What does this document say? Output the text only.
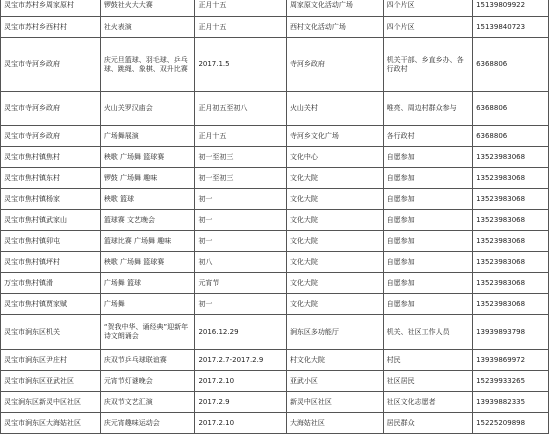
灵宝市苏村乡周家原村	锣鼓社火大大赛	正月十五	周家原文化活动广场	四个片区	15139809922
灵宝市苏村乡西村村	社火表演	正月十五	西村文化活动广场	四个片区	15139840723
灵宝市寺河乡政府	庆元旦篮球、羽毛球、乒乓球、跳绳、象棋、双升比赛	2017.1.5	寺河乡政府	机关干部、乡直乡办、各行政村	6368806
灵宝市寺河乡政府	火山关罗汉庙会	正月初五至初八	火山关村	唯亮、周边村群众参与	6368806
灵宝市寺河乡政府	广场舞展演	正月十五	寺河乡文化广场	各行政村	6368806
灵宝市焦村镇焦村	秧歌 广场舞 篮球赛	初一至初三	文化中心	自愿参加	13523983068
灵宝市焦村镇东村	锣鼓 广场舞 趣味	初一至初三	文化大院	自愿参加	13523983068
灵宝市焦村镇杨家	秧歌 篮球	初一	文化大院	自愿参加	13523983068
灵宝市焦村镇武家山	篮球赛 文艺晚会	初一	文化大院	自愿参加	13523983068
灵宝市焦村镇卯屯	篮球比赛 广场舞 趣味	初一	文化大院	自愿参加	13523983068
灵宝市焦村镇坪村	秧歌 广场舞 篮球赛	初八	文化大院	自愿参加	13523983068
万宝市焦村镇滑	广场舞 篮球	元宵节	文化大院	自愿参加	13523983068
灵宝市焦村镇贾家赋	广场舞	初一	文化大院	自愿参加	13523983068
灵宝市涧东区机关	“贺我中华、诵经典”迎新年诗文朗诵会	2016.12.29	涧东区多功能厅	机关、社区工作人员	13939893798
灵宝市涧东区尹庄村	庆双节乒乓球联谊赛	2017.2.7-2017.2.9	村文化大院	村民	13939869972
灵宝市涧东区亚武社区	元宵节灯谜晚会	2017.2.10	亚武小区	社区居民	15239933265
灵宝涧东区新灵中区社区	庆双节文艺汇演	2017.2.9	新灵中区社区	社区文化志愿者	13939882335
灵宝市涧东区大海姑社区	庆元宵趣味运动会	2017.2.10	大海姑社区	居民群众	15225209898
